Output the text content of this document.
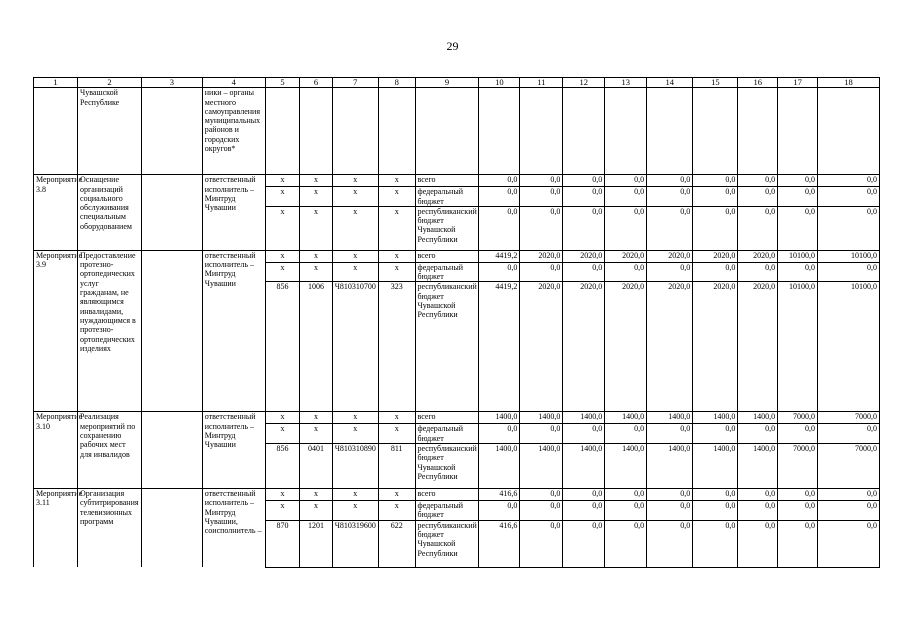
29
1	2	3	4	5	6	7	8	9	10	11	12	13	14	15	16	17	18
	Чувашской Республике		ники – органы местного самоуправления муниципальных районов и городских округов*														
Мероприятие 3.8	Оснащение организаций социального обслуживания специальным оборудованием		ответственный исполнитель – Минтруд Чувашии	x	x	x	x	всего	0,0	0,0	0,0	0,0	0,0	0,0	0,0	0,0	0,0
				x	x	x	x	федеральный бюджет	0,0	0,0	0,0	0,0	0,0	0,0	0,0	0,0	0,0
				x	x	x	x	республиканский бюджет Чувашской Республики	0,0	0,0	0,0	0,0	0,0	0,0	0,0	0,0	0,0
Мероприятие 3.9	Предоставление протезно-ортопедических услуг гражданам, не являющимся инвалидами, нуждающимся в протезно-ортопедических изделиях		ответственный исполнитель – Минтруд Чувашии	x	x	x	x	всего	4419,2	2020,0	2020,0	2020,0	2020,0	2020,0	2020,0	10100,0	10100,0
				x	x	x	x	федеральный бюджет	0,0	0,0	0,0	0,0	0,0	0,0	0,0	0,0	0,0
				856	1006	Ч810310700	323	республиканский бюджет Чувашской Республики	4419,2	2020,0	2020,0	2020,0	2020,0	2020,0	2020,0	10100,0	10100,0
Мероприятие 3.10	Реализация мероприятий по сохранению рабочих мест для инвалидов		ответственный исполнитель – Минтруд Чувашии	x	x	x	x	всего	1400,0	1400,0	1400,0	1400,0	1400,0	1400,0	1400,0	7000,0	7000,0
				x	x	x	x	федеральный бюджет	0,0	0,0	0,0	0,0	0,0	0,0	0,0	0,0	0,0
				856	0401	Ч810310890	811	республиканский бюджет Чувашской Республики	1400,0	1400,0	1400,0	1400,0	1400,0	1400,0	1400,0	7000,0	7000,0
Мероприятие 3.11	Организация субтитрирования телевизионных программ		ответственный исполнитель – Минтруд Чувашии, соисполнитель –	x	x	x	x	всего	416,6	0,0	0,0	0,0	0,0	0,0	0,0	0,0	0,0
				x	x	x	x	федеральный бюджет	0,0	0,0	0,0	0,0	0,0	0,0	0,0	0,0	0,0
				870	1201	Ч810319600	622	республиканский бюджет Чувашской Республики	416,6	0,0	0,0	0,0	0,0	0,0	0,0	0,0	0,0
